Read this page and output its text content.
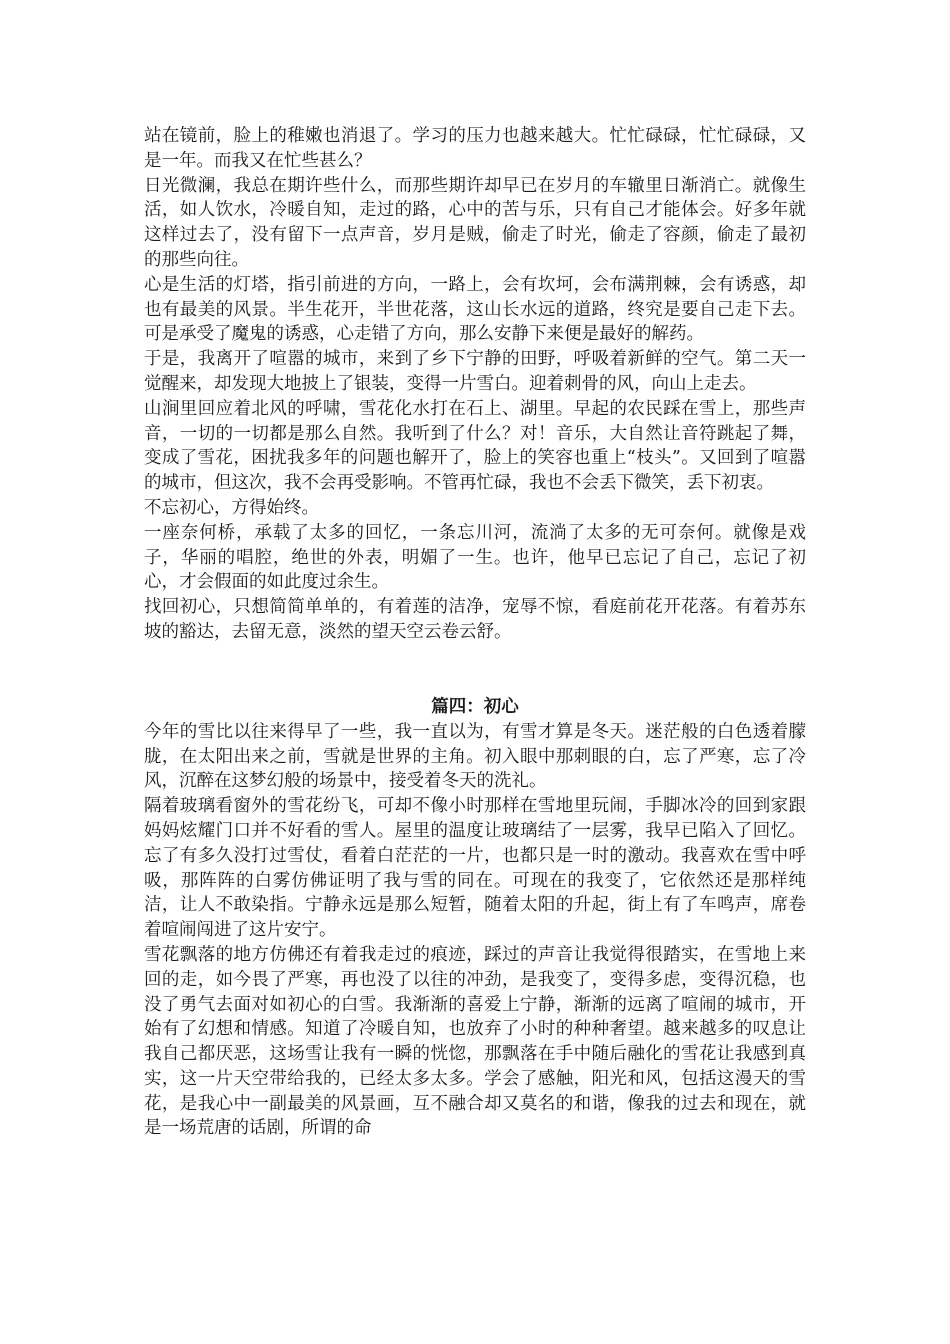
站在镜前，脸上的稚嫩也消退了。学习的压力也越来越大。忙忙碌碌，忙忙碌碌，又是一年。而我又在忙些甚么？

日光微澜，我总在期许些什么，而那些期许却早已在岁月的车辙里日渐消亡。就像生活，如人饮水，冷暖自知，走过的路，心中的苦与乐，只有自己才能体会。好多年就这样过去了，没有留下一点声音，岁月是贼，偷走了时光，偷走了容颜，偷走了最初的那些向往。

心是生活的灯塔，指引前进的方向，一路上，会有坎坷，会布满荆棘，会有诱惑，却也有最美的风景。半生花开，半世花落，这山长水远的道路，终究是要自己走下去。可是承受了魔鬼的诱惑，心走错了方向，那么安静下来便是最好的解药。

于是，我离开了喧嚣的城市，来到了乡下宁静的田野，呼吸着新鲜的空气。第二天一觉醒来，却发现大地披上了银装，变得一片雪白。迎着刺骨的风，向山上走去。

山涧里回应着北风的呼啸，雪花化水打在石上、湖里。早起的农民踩在雪上，那些声音，一切的一切都是那么自然。我听到了什么？对！音乐，大自然让音符跳起了舞，变成了雪花，困扰我多年的问题也解开了，脸上的笑容也重上“枝头”。又回到了喧嚣的城市，但这次，我不会再受影响。不管再忙碌，我也不会丢下微笑，丢下初衷。

不忘初心，方得始终。

一座奈何桥，承载了太多的回忆，一条忘川河，流淌了太多的无可奈何。就像是戏子，华丽的唱腔，绝世的外表，明媚了一生。也许，他早已忘记了自己，忘记了初心，才会假面的如此度过余生。

找回初心，只想简简单单的，有着莲的洁净，宠辱不惊，看庭前花开花落。有着苏东坡的豁达，去留无意，淡然的望天空云卷云舒。

篇四：初心

今年的雪比以往来得早了一些，我一直以为，有雪才算是冬天。迷茫般的白色透着朦胧，在太阳出来之前，雪就是世界的主角。初入眼中那刺眼的白，忘了严寒，忘了冷风，沉醉在这梦幻般的场景中，接受着冬天的洗礼。

隔着玻璃看窗外的雪花纷飞，可却不像小时那样在雪地里玩闹，手脚冰冷的回到家跟妈妈炫耀门口并不好看的雪人。屋里的温度让玻璃结了一层雾，我早已陷入了回忆。忘了有多久没打过雪仗，看着白茫茫的一片，也都只是一时的激动。我喜欢在雪中呼吸，那阵阵的白雾仿佛证明了我与雪的同在。可现在的我变了，它依然还是那样纯洁，让人不敢染指。宁静永远是那么短暂，随着太阳的升起，街上有了车鸣声，席卷着喧闹闯进了这片安宁。

雪花飘落的地方仿佛还有着我走过的痕迹，踩过的声音让我觉得很踏实，在雪地上来回的走，如今畏了严寒，再也没了以往的冲劲，是我变了，变得多虑，变得沉稳，也没了勇气去面对如初心的白雪。我渐渐的喜爱上宁静，渐渐的远离了喧闹的城市，开始有了幻想和情感。知道了冷暖自知，也放弃了小时的种种奢望。越来越多的叹息让我自己都厌恶，这场雪让我有一瞬的恍惚，那飘落在手中随后融化的雪花让我感到真实，这一片天空带给我的，已经太多太多。学会了感触，阳光和风，包括这漫天的雪花，是我心中一副最美的风景画，互不融合却又莫名的和谐，像我的过去和现在，就是一场荒唐的话剧，所谓的命
